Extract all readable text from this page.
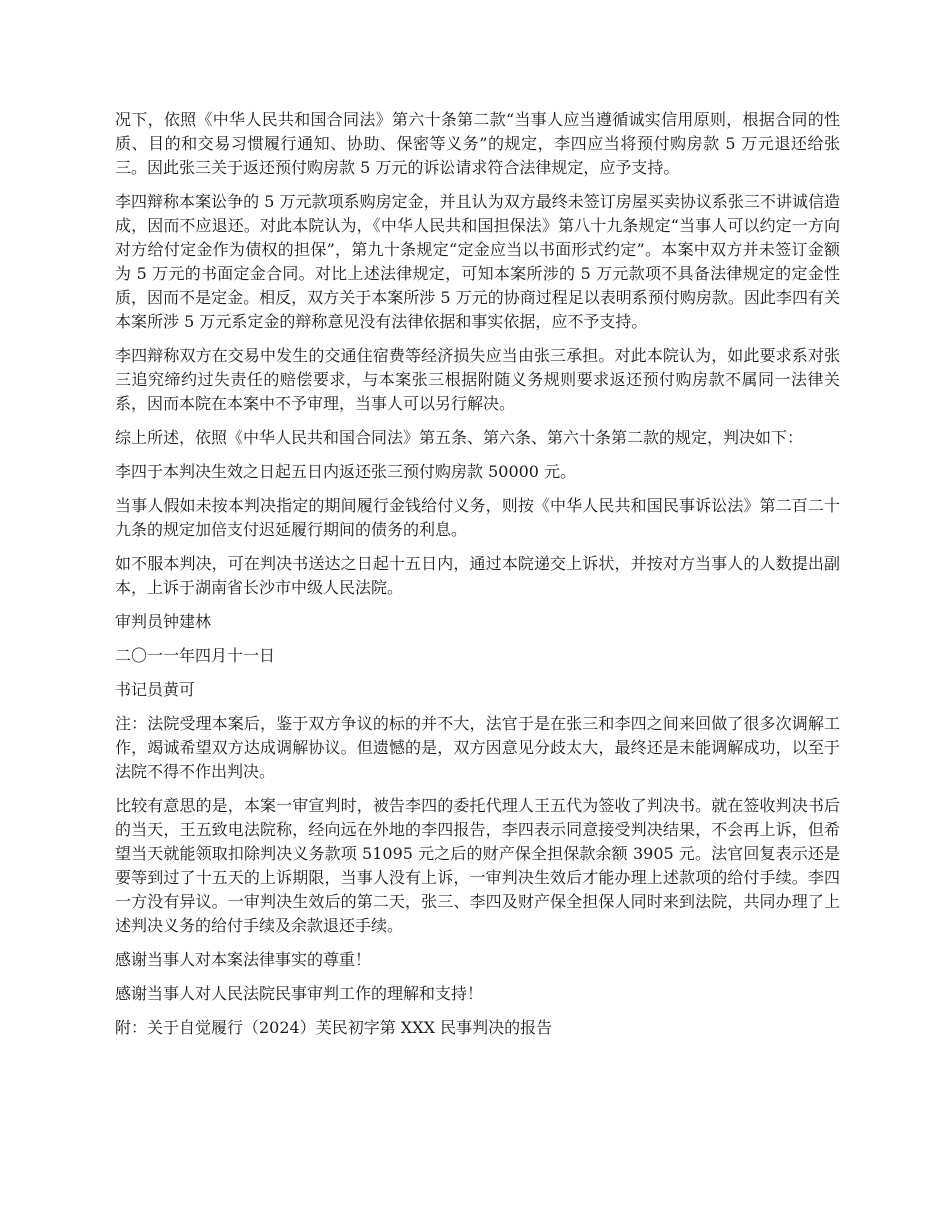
况下，依照《中华人民共和国合同法》第六十条第二款“当事人应当遵循诚实信用原则，根据合同的性质、目的和交易习惯履行通知、协助、保密等义务”的规定，李四应当将预付购房款 5 万元退还给张三。因此张三关于返还预付购房款 5 万元的诉讼请求符合法律规定，应予支持。

李四辩称本案讼争的 5 万元款项系购房定金，并且认为双方最终未签订房屋买卖协议系张三不讲诚信造成，因而不应退还。对此本院认为，《中华人民共和国担保法》第八十九条规定“当事人可以约定一方向对方给付定金作为债权的担保”，第九十条规定“定金应当以书面形式约定”。本案中双方并未签订金额为 5 万元的书面定金合同。对比上述法律规定，可知本案所涉的 5 万元款项不具备法律规定的定金性质，因而不是定金。相反，双方关于本案所涉 5 万元的协商过程足以表明系预付购房款。因此李四有关本案所涉 5 万元系定金的辩称意见没有法律依据和事实依据，应不予支持。

李四辩称双方在交易中发生的交通住宿费等经济损失应当由张三承担。对此本院认为，如此要求系对张三追究缔约过失责任的赔偿要求，与本案张三根据附随义务规则要求返还预付购房款不属同一法律关系，因而本院在本案中不予审理，当事人可以另行解决。

综上所述，依照《中华人民共和国合同法》第五条、第六条、第六十条第二款的规定，判决如下：

李四于本判决生效之日起五日内返还张三预付购房款 50000 元。

当事人假如未按本判决指定的期间履行金钱给付义务，则按《中华人民共和国民事诉讼法》第二百二十九条的规定加倍支付迟延履行期间的债务的利息。

如不服本判决，可在判决书送达之日起十五日内，通过本院递交上诉状，并按对方当事人的人数提出副本，上诉于湖南省长沙市中级人民法院。

审判员钟建林

二〇一一年四月十一日

书记员黄可

注：法院受理本案后，鉴于双方争议的标的并不大，法官于是在张三和李四之间来回做了很多次调解工作，竭诚希望双方达成调解协议。但遗憾的是，双方因意见分歧太大，最终还是未能调解成功，以至于法院不得不作出判决。

比较有意思的是，本案一审宣判时，被告李四的委托代理人王五代为签收了判决书。就在签收判决书后的当天，王五致电法院称，经向远在外地的李四报告，李四表示同意接受判决结果，不会再上诉，但希望当天就能领取扣除判决义务款项 51095 元之后的财产保全担保款余额 3905 元。法官回复表示还是要等到过了十五天的上诉期限，当事人没有上诉，一审判决生效后才能办理上述款项的给付手续。李四一方没有异议。一审判决生效后的第二天，张三、李四及财产保全担保人同时来到法院，共同办理了上述判决义务的给付手续及余款退还手续。

感谢当事人对本案法律事实的尊重！

感谢当事人对人民法院民事审判工作的理解和支持！

附：关于自觉履行（2024）芙民初字第 XXX 民事判决的报告
